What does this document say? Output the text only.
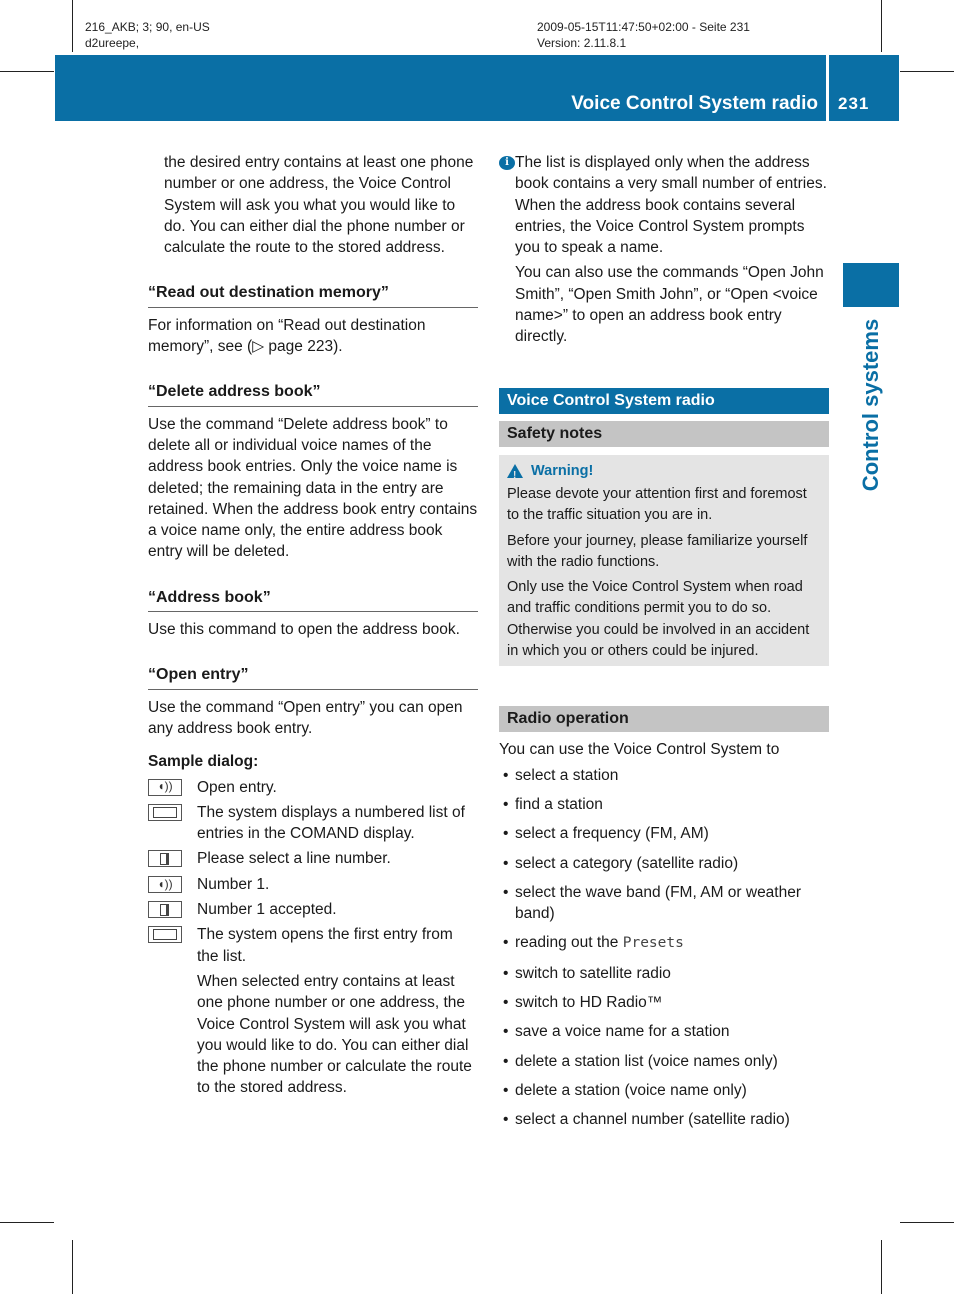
216_AKB; 3; 90, en-US
d2ureepe,
2009-05-15T11:47:50+02:00 - Seite 231
Version: 2.11.8.1
Voice Control System radio 231
Control systems

the desired entry contains at least one phone number or one address, the Voice Control System will ask you what you would like to do. You can either dial the phone number or calculate the route to the stored address.

“Read out destination memory”

For information on “Read out destination memory”, see (▷ page 223).

“Delete address book”

Use the command “Delete address book” to delete all or individual voice names of the address book entries. Only the voice name is deleted; the remaining data in the entry are retained. When the address book entry contains a voice name only, the entire address book entry will be deleted.

“Address book”

Use this command to open the address book.

“Open entry”

Use the command “Open entry” you can open any address book entry.

Sample dialog:

◖))	Open entry.
The system displays a numbered list of entries in the COMAND display.
Please select a line number.
◖))	Number 1.
Number 1 accepted.
The system opens the first entry from the list.

When selected entry contains at least one phone number or one address, the Voice Control System will ask you what you would like to do. You can either dial the phone number or calculate the route to the stored address.

i The list is displayed only when the address book contains a very small number of entries. When the address book contains several entries, the Voice Control System prompts you to speak a name.

You can also use the commands “Open John Smith”, “Open Smith John”, or “Open <voice name>” to open an address book entry directly.

Voice Control System radio
Safety notes
!
Warning!

Please devote your attention first and foremost to the traffic situation you are in.

Before your journey, please familiarize yourself with the radio functions.

Only use the Voice Control System when road and traffic conditions permit you to do so. Otherwise you could be involved in an accident in which you or others could be injured.

Radio operation

You can use the Voice Control System to

• select a station
• find a station
• select a frequency (FM, AM)
• select a category (satellite radio)
• select the wave band (FM, AM or weather band)
• reading out the Presets
• switch to satellite radio
• switch to HD Radio™
• save a voice name for a station
• delete a station list (voice names only)
• delete a station (voice name only)
• select a channel number (satellite radio)
